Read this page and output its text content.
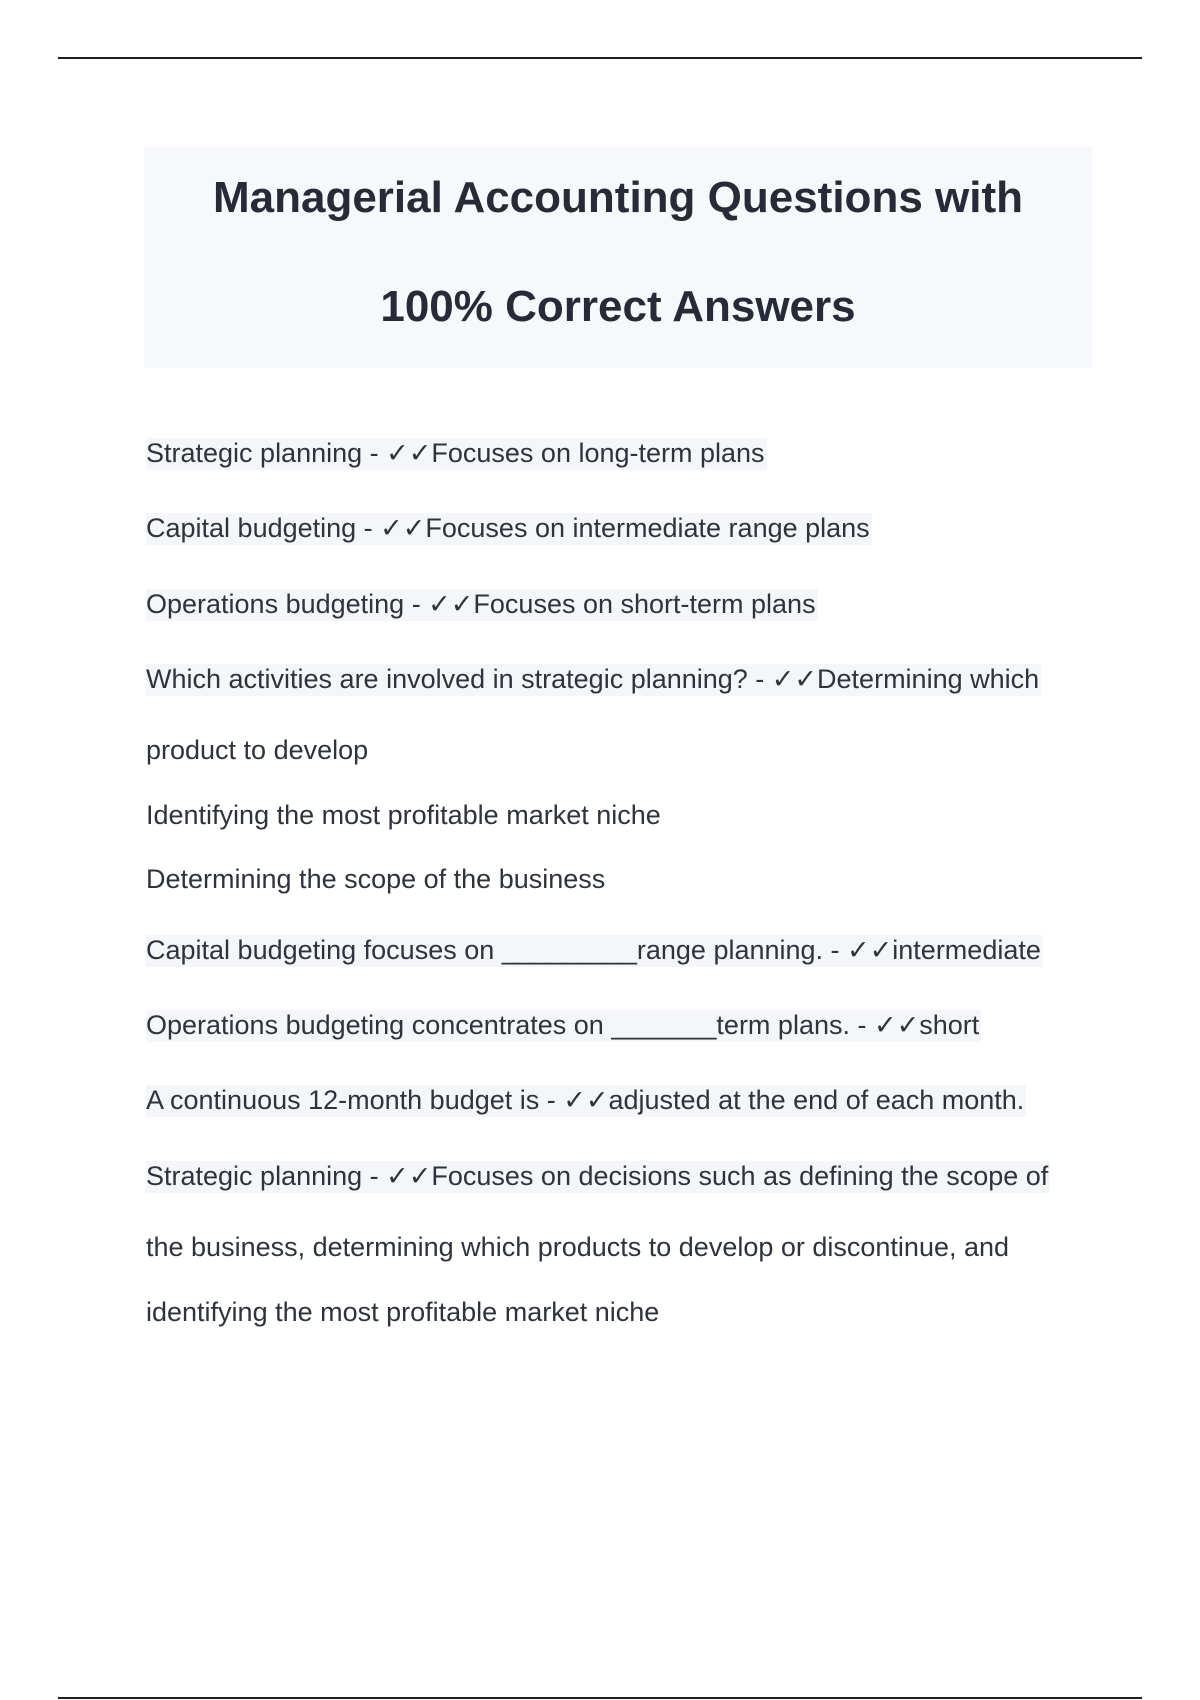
Managerial Accounting Questions with
100% Correct Answers
Strategic planning - ✓✓Focuses on long-term plans
Capital budgeting - ✓✓Focuses on intermediate range plans
Operations budgeting - ✓✓Focuses on short-term plans
Which activities are involved in strategic planning? - ✓✓Determining which
product to develop
Identifying the most profitable market niche
Determining the scope of the business
Capital budgeting focuses on _________range planning. - ✓✓intermediate
Operations budgeting concentrates on _______term plans. - ✓✓short
A continuous 12-month budget is - ✓✓adjusted at the end of each month.
Strategic planning - ✓✓Focuses on decisions such as defining the scope of
the business, determining which products to develop or discontinue, and
identifying the most profitable market niche
